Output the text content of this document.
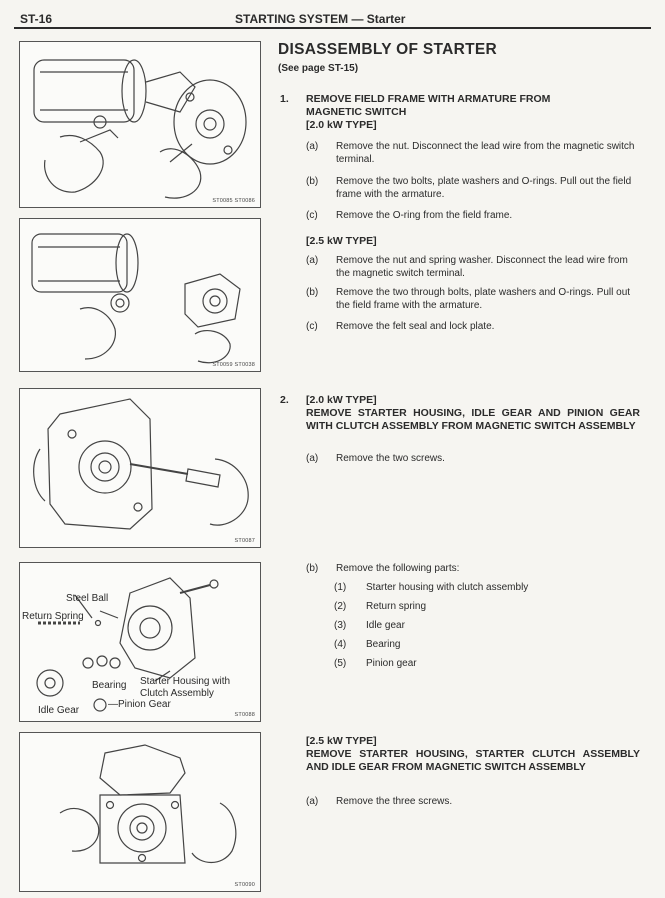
ST-16	STARTING SYSTEM — Starter
ST0085 ST0086
ST0059 ST0038
ST0087
Steel Ball
Return Spring
Bearing Starter Housing with
Clutch Assembly
—Pinion Gear
Idle Gear	ST0088
ST0090
DISASSEMBLY OF STARTER
(See page ST-15)
1. REMOVE FIELD FRAME WITH ARMATURE FROM
MAGNETIC SWITCH
[2.0 kW TYPE]
(a) Remove the nut. Disconnect the lead wire from the magnetic switch terminal.
(b) Remove the two bolts, plate washers and O-rings. Pull out the field frame with the armature.
(c) Remove the O-ring from the field frame.
[2.5 kW TYPE]
(a) Remove the nut and spring washer. Disconnect the lead wire from the magnetic switch terminal.
(b) Remove the two through bolts, plate washers and O-rings. Pull out the field frame with the armature.
(c) Remove the felt seal and lock plate.
2. [2.0 kW TYPE]
REMOVE STARTER HOUSING, IDLE GEAR AND PINION GEAR WITH CLUTCH ASSEMBLY FROM MAGNETIC SWITCH ASSEMBLY
(a) Remove the two screws.
(b) Remove the following parts:
(1) Starter housing with clutch assembly
(2) Return spring
(3) Idle gear
(4) Bearing
(5) Pinion gear
[2.5 kW TYPE]
REMOVE STARTER HOUSING, STARTER CLUTCH ASSEMBLY AND IDLE GEAR FROM MAGNETIC SWITCH ASSEMBLY
(a) Remove the three screws.
